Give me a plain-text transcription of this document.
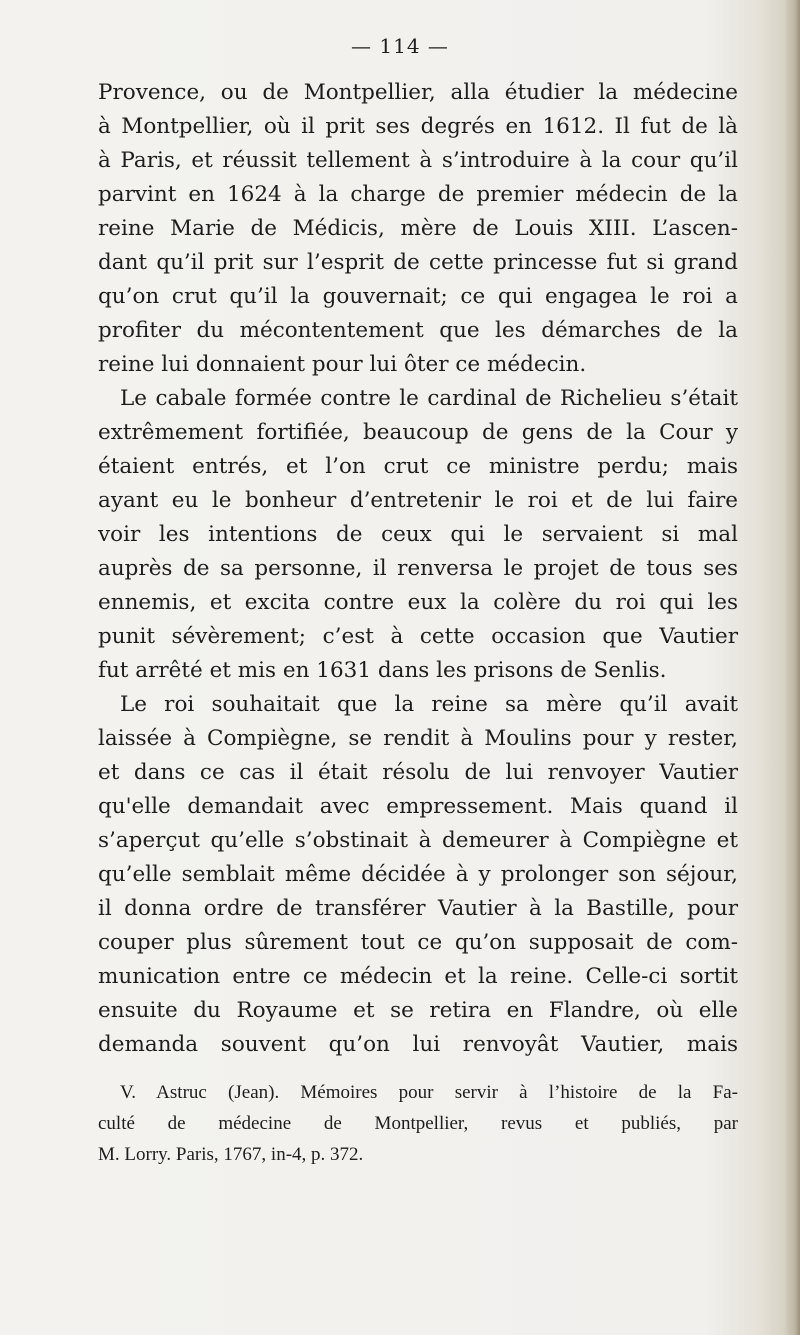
— 114 —
Provence, ou de Montpellier, alla étudier la médecine
à Montpellier, où il prit ses degrés en 1612. Il fut de là
à Paris, et réussit tellement à s’introduire à la cour qu’il
parvint en 1624 à la charge de premier médecin de la
reine Marie de Médicis, mère de Louis XIII. L’ascen-
dant qu’il prit sur l’esprit de cette princesse fut si grand
qu’on crut qu’il la gouvernait; ce qui engagea le roi a
profiter du mécontentement que les démarches de la
reine lui donnaient pour lui ôter ce médecin.
Le cabale formée contre le cardinal de Richelieu s’était
extrêmement fortifiée, beaucoup de gens de la Cour y
étaient entrés, et l’on crut ce ministre perdu; mais
ayant eu le bonheur d’entretenir le roi et de lui faire
voir les intentions de ceux qui le servaient si mal
auprès de sa personne, il renversa le projet de tous ses
ennemis, et excita contre eux la colère du roi qui les
punit sévèrement; c’est à cette occasion que Vautier
fut arrêté et mis en 1631 dans les prisons de Senlis.
Le roi souhaitait que la reine sa mère qu’il avait
laissée à Compiègne, se rendit à Moulins pour y rester,
et dans ce cas il était résolu de lui renvoyer Vautier
qu'elle demandait avec empressement. Mais quand il
s’aperçut qu’elle s’obstinait à demeurer à Compiègne et
qu’elle semblait même décidée à y prolonger son séjour,
il donna ordre de transférer Vautier à la Bastille, pour
couper plus sûrement tout ce qu’on supposait de com-
munication entre ce médecin et la reine. Celle-ci sortit
ensuite du Royaume et se retira en Flandre, où elle
demanda souvent qu’on lui renvoyât Vautier, mais
V. Astruc (Jean). Mémoires pour servir à l’histoire de la Fa-
culté de médecine de Montpellier, revus et publiés, par
M. Lorry. Paris, 1767, in-4, p. 372.
